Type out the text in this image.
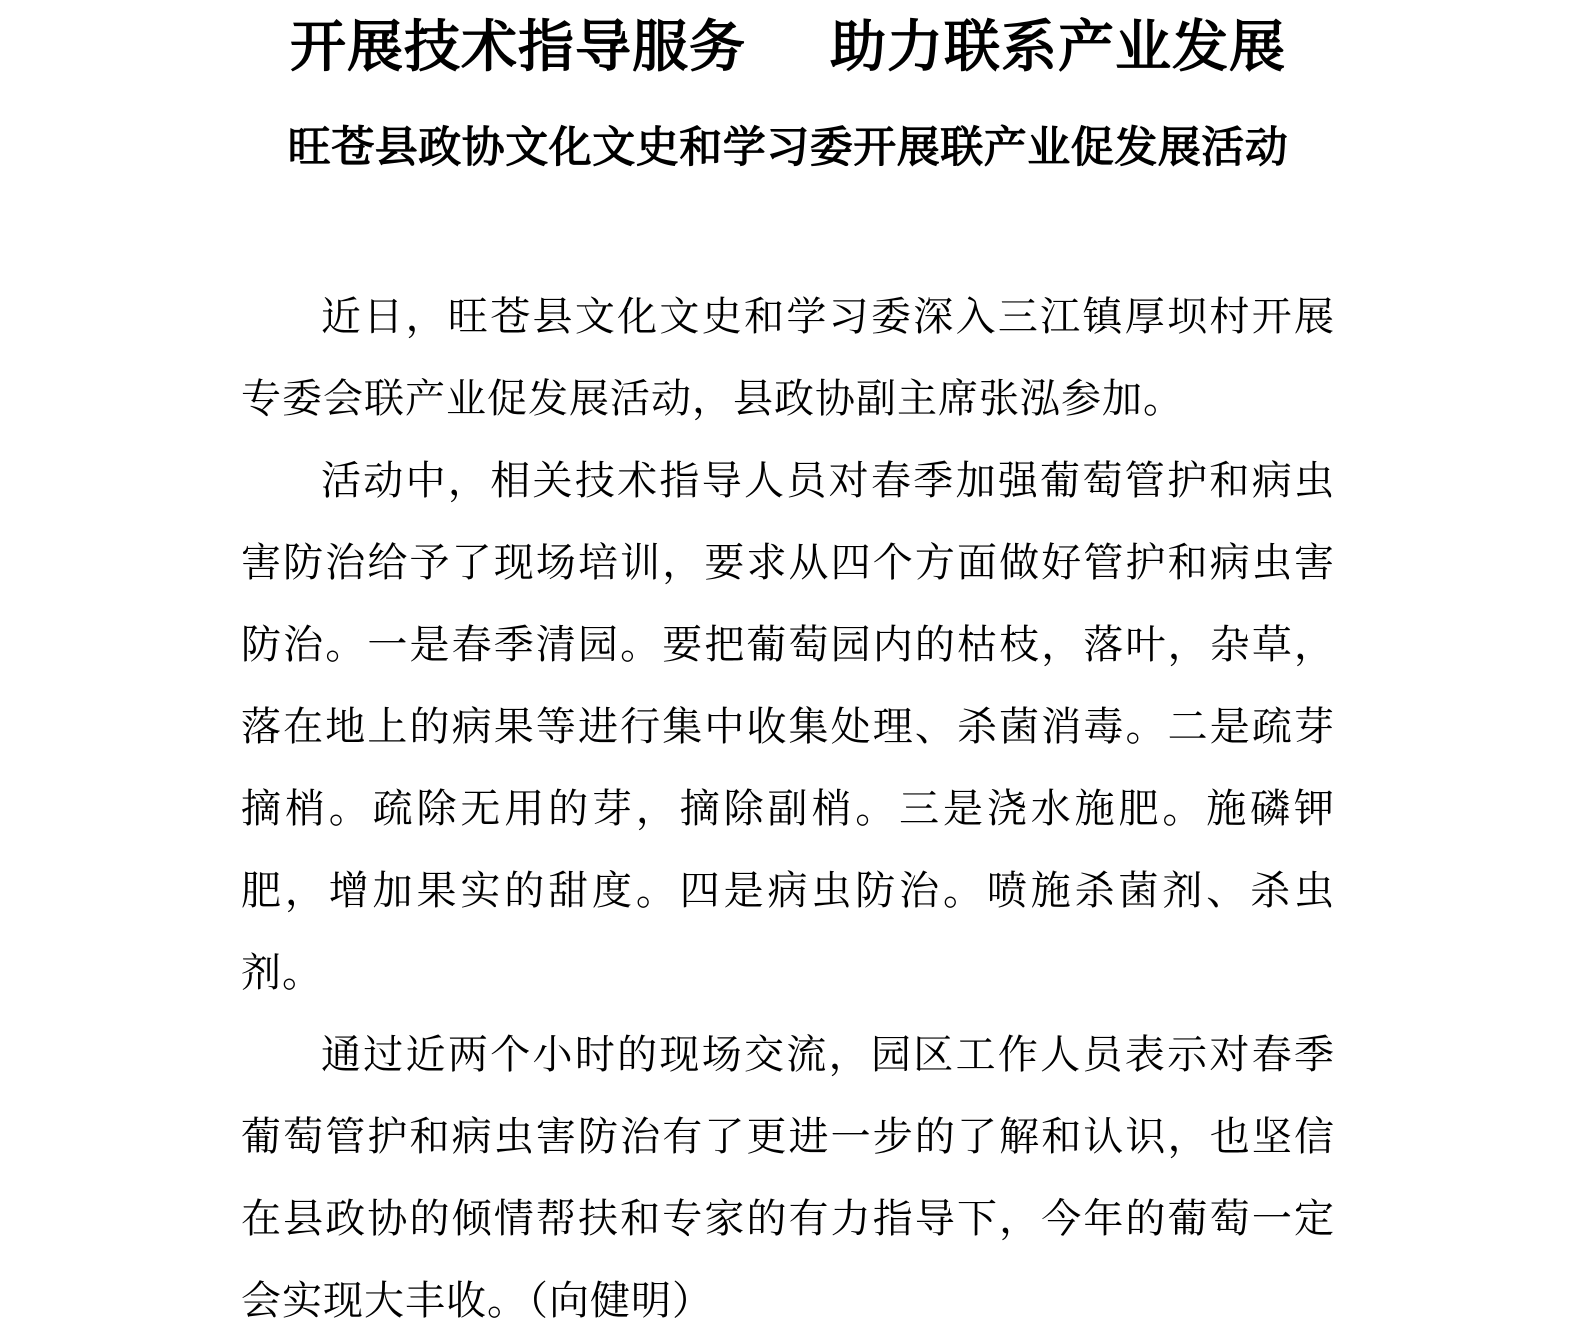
开展技术指导服务 助力联系产业发展
旺苍县政协文化文史和学习委开展联产业促发展活动

近日，旺苍县文化文史和学习委深入三江镇厚坝村开展专委会联产业促发展活动，县政协副主席张泓参加。

活动中，相关技术指导人员对春季加强葡萄管护和病虫害防治给予了现场培训，要求从四个方面做好管护和病虫害防治。一是春季清园。要把葡萄园内的枯枝，落叶，杂草，落在地上的病果等进行集中收集处理、杀菌消毒。二是疏芽摘梢。疏除无用的芽，摘除副梢。三是浇水施肥。施磷钾肥，增加果实的甜度。四是病虫防治。喷施杀菌剂、杀虫剂。

通过近两个小时的现场交流，园区工作人员表示对春季葡萄管护和病虫害防治有了更进一步的了解和认识，也坚信在县政协的倾情帮扶和专家的有力指导下，今年的葡萄一定会实现大丰收。（向健明）
